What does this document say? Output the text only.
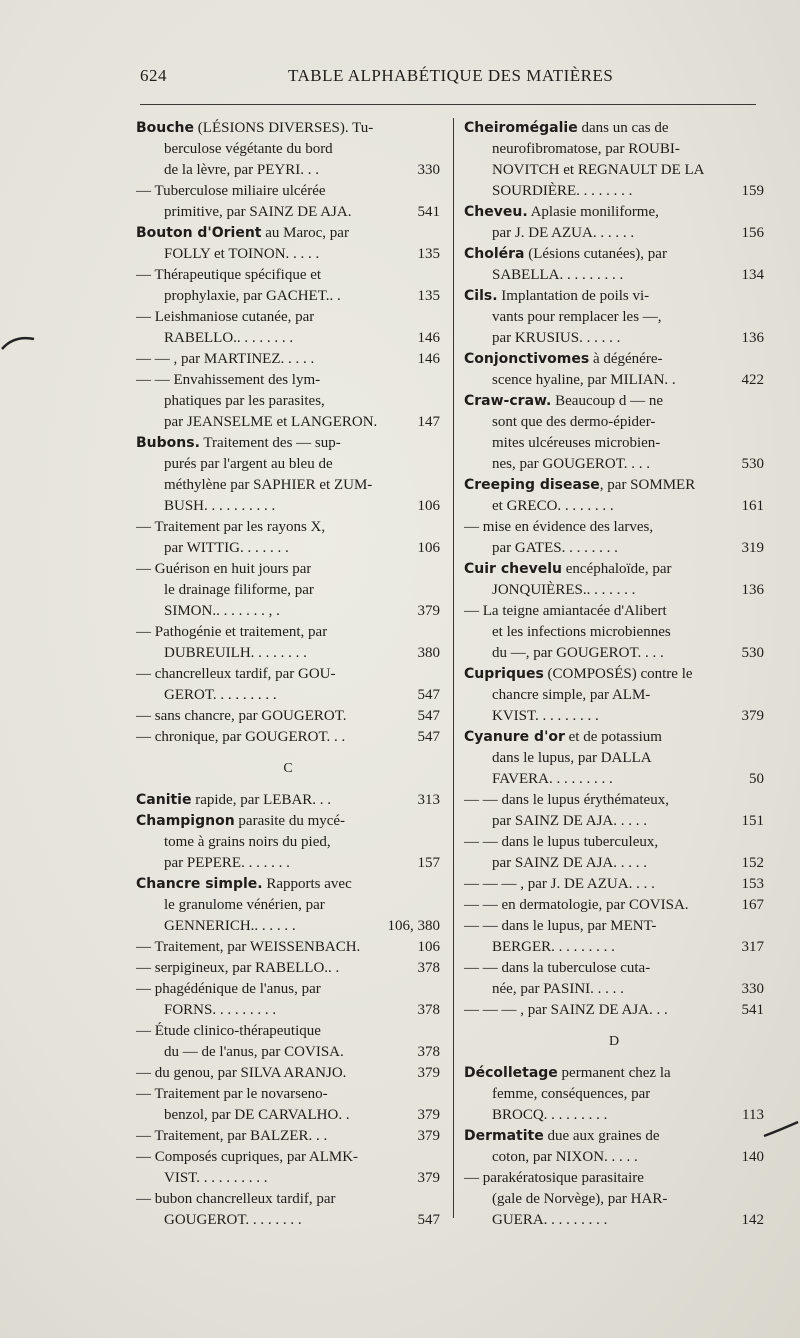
624	TABLE ALPHABÉTIQUE DES MATIÈRES
Bouche (LÉSIONS DIVERSES). Tu-
berculose végétante du bord
de la lèvre, par PEYRI. . .	330
— Tuberculose miliaire ulcérée
primitive, par SAINZ DE AJA.	541
Bouton d'Orient au Maroc, par
FOLLY et TOINON. . . . .	135
— Thérapeutique spécifique et
prophylaxie, par GACHET.. .	135
— Leishmaniose cutanée, par
RABELLO.. . . . . . . .	146
— — , par MARTINEZ. . . . .	146
— — Envahissement des lym-
phatiques par les parasites,
par JEANSELME et LANGERON.	147
Bubons. Traitement des — sup-
purés par l'argent au bleu de
méthylène par SAPHIER et ZUM-
BUSH. . . . . . . . . .	106
— Traitement par les rayons X,
par WITTIG. . . . . . .	106
— Guérison en huit jours par
le drainage filiforme, par
SIMON.. . . . . . . , .	379
— Pathogénie et traitement, par
DUBREUILH. . . . . . . .	380
— chancrelleux tardif, par GOU-
GEROT. . . . . . . . .	547
— sans chancre, par GOUGEROT.	547
— chronique, par GOUGEROT. . .	547
C
Canitie rapide, par LEBAR. . .	313
Champignon parasite du mycé-
tome à grains noirs du pied,
par PEPERE. . . . . . .	157
Chancre simple. Rapports avec
le granulome vénérien, par
GENNERICH.. . . . . .	106, 380
— Traitement, par WEISSENBACH.	106
— serpigineux, par RABELLO.. .	378
— phagédénique de l'anus, par
FORNS. . . . . . . . .	378
— Étude clinico-thérapeutique
du — de l'anus, par COVISA.	378
— du genou, par SILVA ARANJO.	379
— Traitement par le novarseno-
benzol, par DE CARVALHO. .	379
— Traitement, par BALZER. . .	379
— Composés cupriques, par ALMK-
VIST. . . . . . . . . .	379
— bubon chancrelleux tardif, par
GOUGEROT. . . . . . . .	547
Cheiromégalie dans un cas de
neurofibromatose, par ROUBI-
NOVITCH et REGNAULT DE LA
SOURDIÈRE. . . . . . . .	159
Cheveu. Aplasie moniliforme,
par J. DE AZUA. . . . . .	156
Choléra (Lésions cutanées), par
SABELLA. . . . . . . . .	134
Cils. Implantation de poils vi-
vants pour remplacer les —,
par KRUSIUS. . . . . .	136
Conjonctivomes à dégénére-
scence hyaline, par MILIAN. .	422
Craw-craw. Beaucoup d — ne
sont que des dermo-épider-
mites ulcéreuses microbien-
nes, par GOUGEROT. . . .	530
Creeping disease, par SOMMER
et GRECO. . . . . . . .	161
— mise en évidence des larves,
par GATES. . . . . . . .	319
Cuir chevelu encéphaloïde, par
JONQUIÈRES.. . . . . . .	136
— La teigne amiantacée d'Alibert
et les infections microbiennes
du —, par GOUGEROT. . . .	530
Cupriques (COMPOSÉS) contre le
chancre simple, par ALM-
KVIST. . . . . . . . .	379
Cyanure d'or et de potassium
dans le lupus, par DALLA
FAVERA. . . . . . . . .	50
— — dans le lupus érythémateux,
par SAINZ DE AJA. . . . .	151
— — dans le lupus tuberculeux,
par SAINZ DE AJA. . . . .	152
— — — , par J. DE AZUA. . . .	153
— — en dermatologie, par COVISA.	167
— — dans le lupus, par MENT-
BERGER. . . . . . . . .	317
— — dans la tuberculose cuta-
née, par PASINI. . . . .	330
— — — , par SAINZ DE AJA. . .	541
D
Décolletage permanent chez la
femme, conséquences, par
BROCQ. . . . . . . . .	113
Dermatite due aux graines de
coton, par NIXON. . . . .	140
— parakératosique parasitaire
(gale de Norvège), par HAR-
GUERA. . . . . . . . .	142
